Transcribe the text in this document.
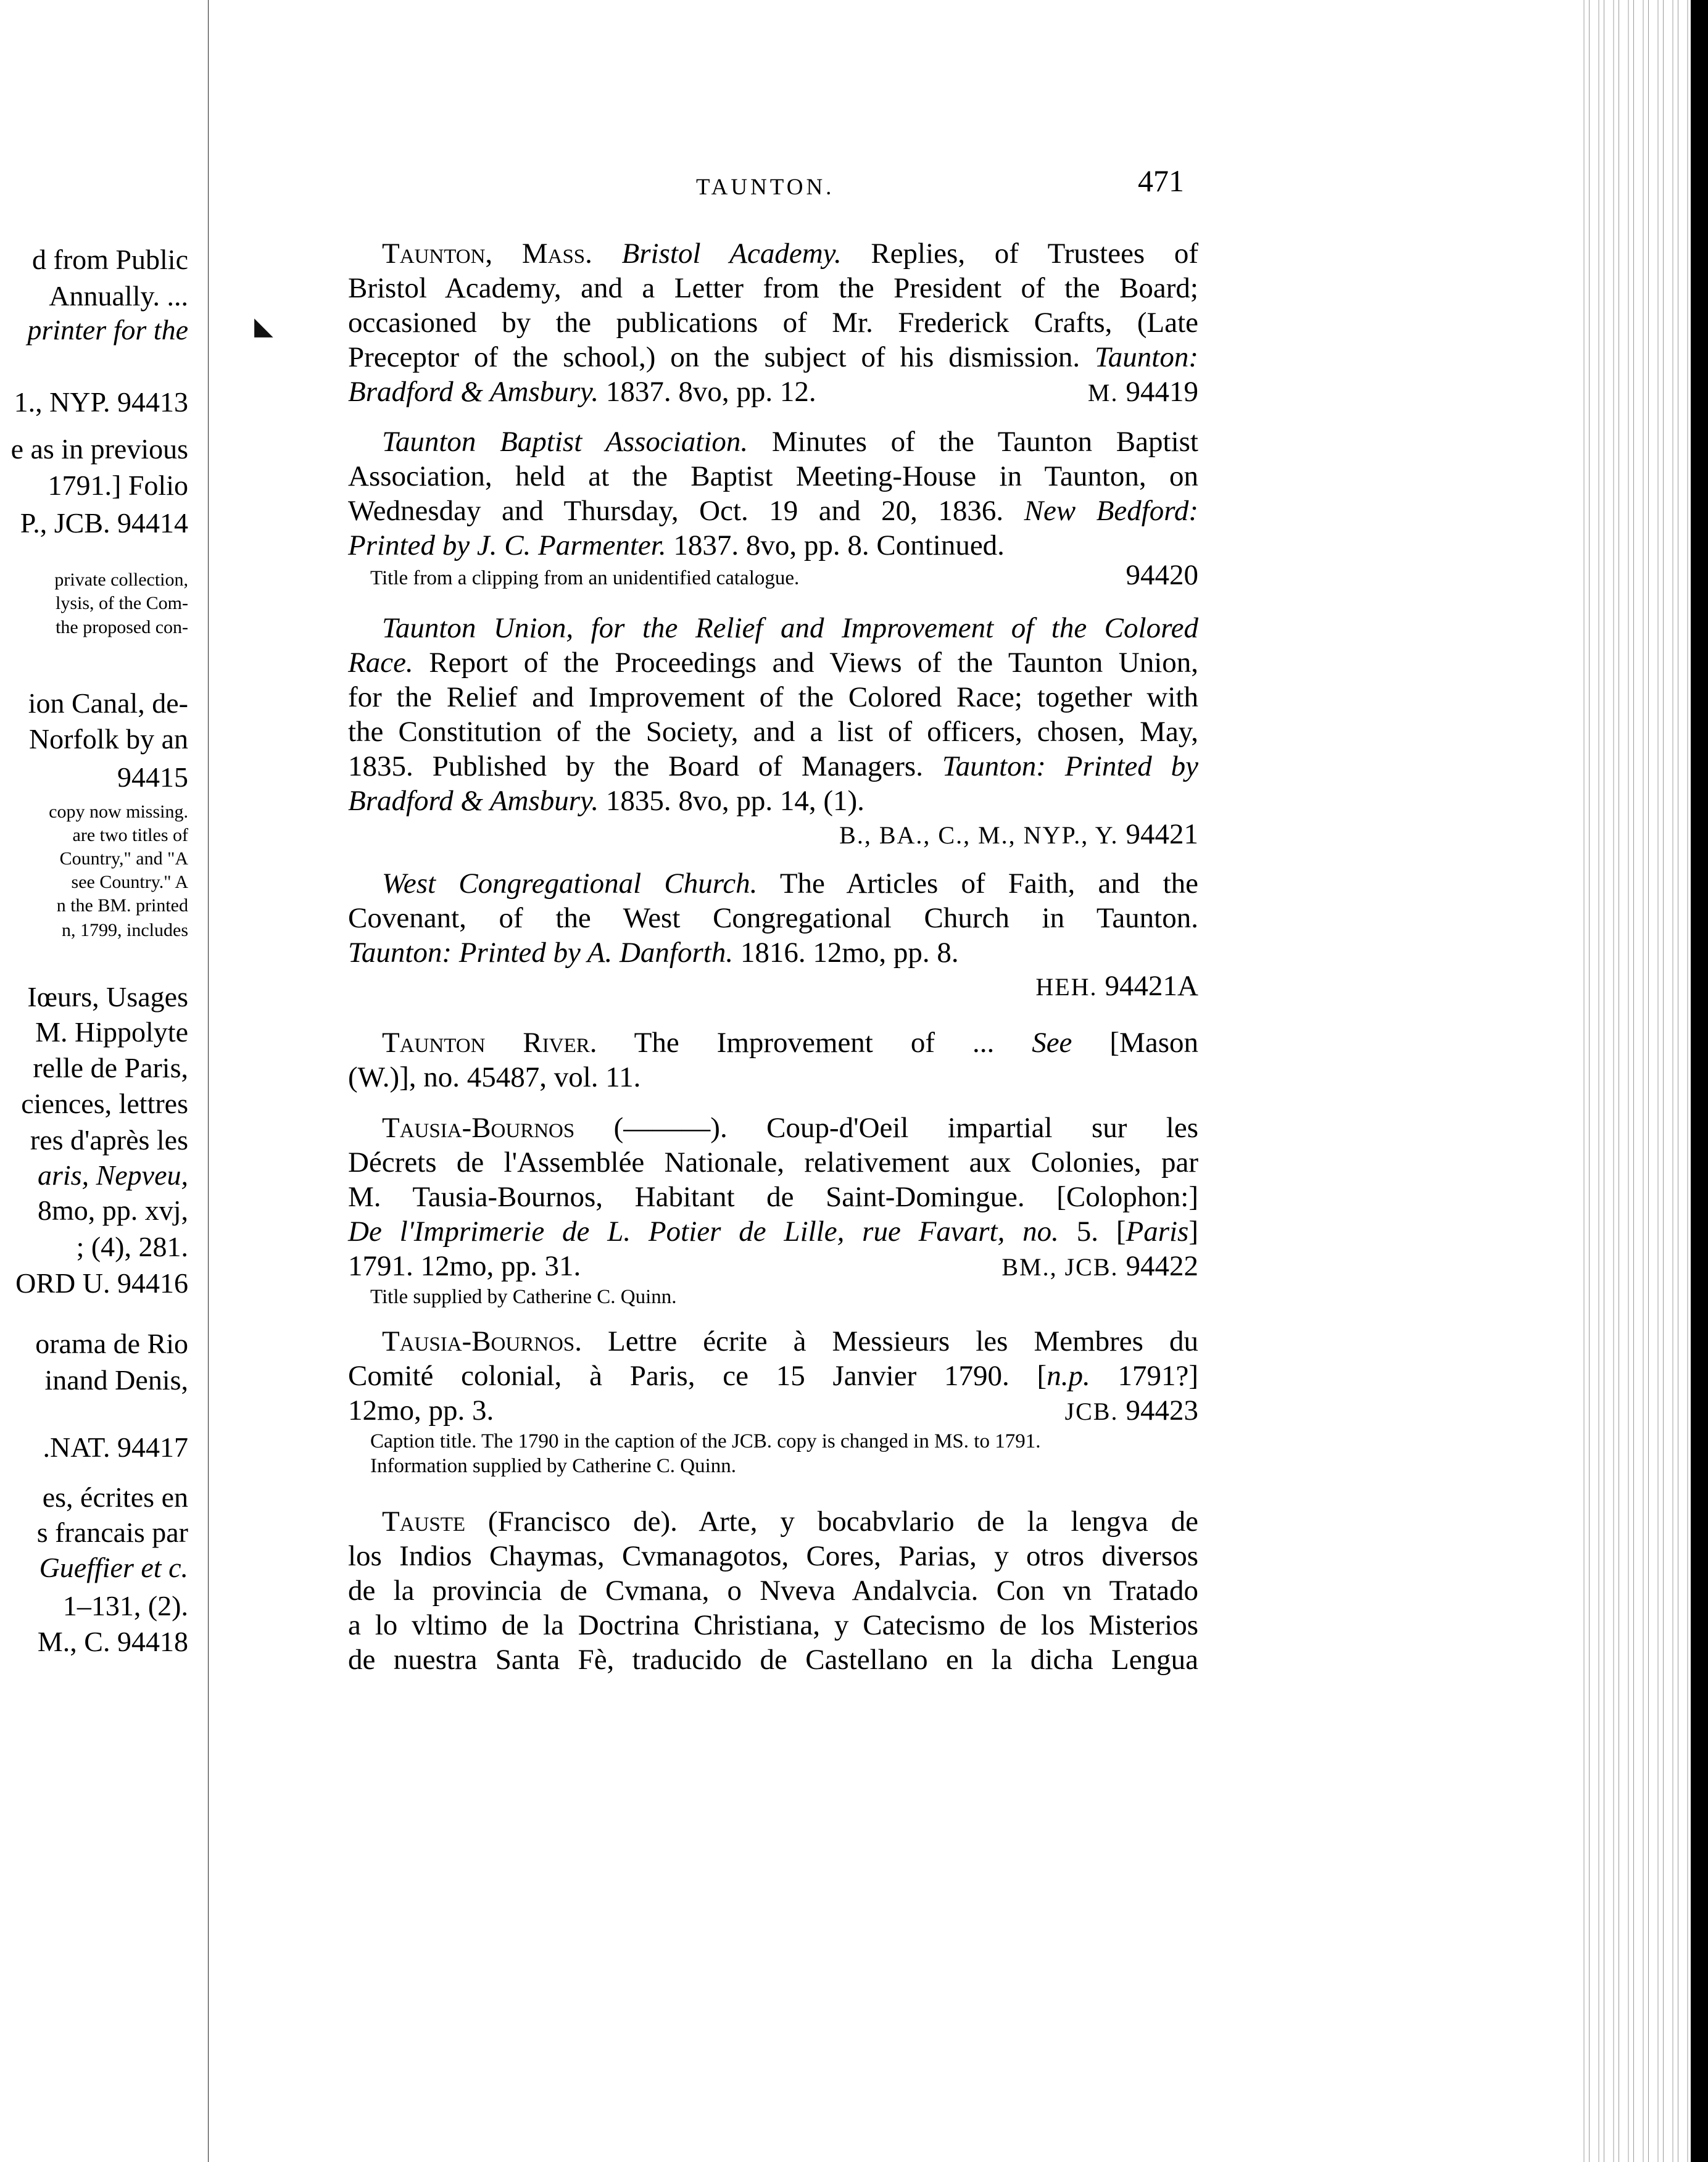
d from Public
Annually. ...
printer for the
1., NYP. 94413
e as in previous
1791.] Folio
P., JCB. 94414
ion Canal, de-
Norfolk by an
94415
Iœurs, Usages
M. Hippolyte
relle de Paris,
ciences, lettres
res d'après les
aris, Nepveu,
8mo, pp. xvj,
; (4), 281.
ORD U. 94416
orama de Rio
inand Denis,
.NAT. 94417
es, écrites en
s francais par
Gueffier et c.
1–131, (2).
M., C. 94418
private collection,
lysis, of the Com-
the proposed con-
copy now missing.
are two titles of
Country," and "A
see Country." A
n the BM. printed
n, 1799, includes
TAUNTON.	471
◣
Taunton, Mass. Bristol Academy. Replies, of Trustees of
Bristol Academy, and a Letter from the President of the Board;
occasioned by the publications of Mr. Frederick Crafts, (Late
Preceptor of the school,) on the subject of his dismission. Taunton:
Bradford & Amsbury. 1837. 8vo, pp. 12.	M. 94419
Taunton Baptist Association. Minutes of the Taunton Baptist
Association, held at the Baptist Meeting-House in Taunton, on
Wednesday and Thursday, Oct. 19 and 20, 1836. New Bedford:
Printed by J. C. Parmenter. 1837. 8vo, pp. 8. Continued.
Title from a clipping from an unidentified catalogue.	94420
Taunton Union, for the Relief and Improvement of the Colored
Race. Report of the Proceedings and Views of the Taunton Union,
for the Relief and Improvement of the Colored Race; together with
the Constitution of the Society, and a list of officers, chosen, May,
1835. Published by the Board of Managers. Taunton: Printed by
Bradford & Amsbury. 1835. 8vo, pp. 14, (1).
B., BA., C., M., NYP., Y. 94421
West Congregational Church. The Articles of Faith, and the
Covenant, of the West Congregational Church in Taunton.
Taunton: Printed by A. Danforth. 1816. 12mo, pp. 8.
HEH. 94421A
Taunton River. The Improvement of ... See [Mason
(W.)], no. 45487, vol. 11.
Tausia-Bournos (———). Coup-d'Oeil impartial sur les
Décrets de l'Assemblée Nationale, relativement aux Colonies, par
M. Tausia-Bournos, Habitant de Saint-Domingue. [Colophon:]
De l'Imprimerie de L. Potier de Lille, rue Favart, no. 5. [Paris]
1791. 12mo, pp. 31.	BM., JCB. 94422
Title supplied by Catherine C. Quinn.
Tausia-Bournos. Lettre écrite à Messieurs les Membres du
Comité colonial, à Paris, ce 15 Janvier 1790. [n.p. 1791?]
12mo, pp. 3.	JCB. 94423
Caption title. The 1790 in the caption of the JCB. copy is changed in MS. to 1791.
Information supplied by Catherine C. Quinn.
Tauste (Francisco de). Arte, y bocabvlario de la lengva de
los Indios Chaymas, Cvmanagotos, Cores, Parias, y otros diversos
de la provincia de Cvmana, o Nveva Andalvcia. Con vn Tratado
a lo vltimo de la Doctrina Christiana, y Catecismo de los Misterios
de nuestra Santa Fè, traducido de Castellano en la dicha Lengua
